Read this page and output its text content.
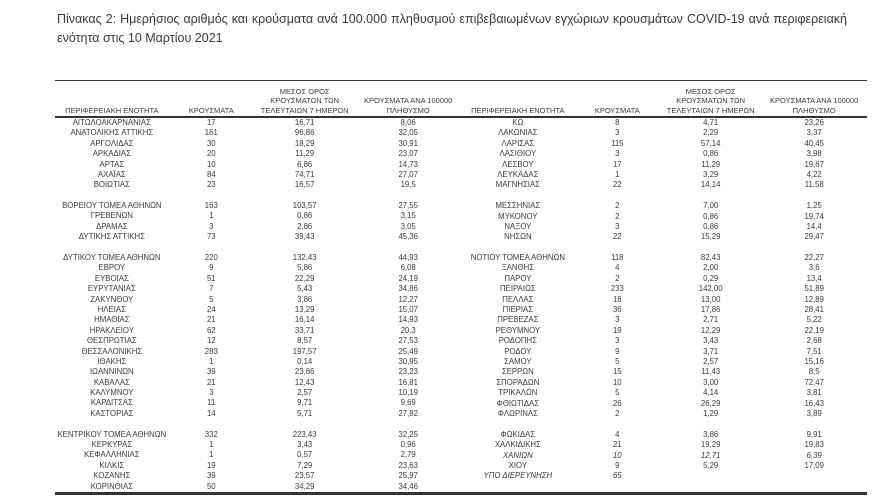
Πίνακας 2: Ημερήσιος αριθμός και κρούσματα ανά 100.000 πληθυσμού επιβεβαιωμένων εγχώριων κρουσμάτων COVID-19 ανά περιφερειακή ενότητα στις 10 Μαρτίου 2021
ΠΕΡΙΦΕΡΕΙΑΚΗ ΕΝΟΤΗΤΑ	ΚΡΟΥΣΜΑΤΑ
ΜΕΣΟΣ ΟΡΟΣ ΚΡΟΥΣΜΑΤΩΝ ΤΩΝ ΤΕΛΕΥΤΑΙΩΝ 7 ΗΜΕΡΩΝ
ΚΡΟΥΣΜΑΤΑ ΑΝΑ 100000 ΠΛΗΘΥΣΜΟ
ΑΙΤΩΛΟΑΚΑΡΝΑΝΙΑΣ	17	16,71	8,06
ΑΝΑΤΟΛΙΚΗΣ ΑΤΤΙΚΗΣ	161	96,86	32,05
ΑΡΓΟΛΙΔΑΣ	30	18,29	30,91
ΑΡΚΑΔΙΑΣ	20	11,29	23,07
ΑΡΤΑΣ	10	6,86	14,73
ΑΧΑΪΑΣ	84	74,71	27,07
ΒΟΙΩΤΙΑΣ	23	16,57	19,5
ΒΟΡΕΙΟΥ ΤΟΜΕΑ ΑΘΗΝΩΝ	163	103,57	27,55
ΓΡΕΒΕΝΩΝ	1	0,86	3,15
ΔΡΑΜΑΣ	3	2,86	3,05
ΔΥΤΙΚΗΣ ΑΤΤΙΚΗΣ	73	39,43	45,36
ΔΥΤΙΚΟΥ ΤΟΜΕΑ ΑΘΗΝΩΝ	220	132,43	44,93
ΕΒΡΟΥ	9	5,86	6,08
ΕΥΒΟΙΑΣ	51	22,29	24,19
ΕΥΡΥΤΑΝΙΑΣ	7	5,43	34,86
ΖΑΚΥΝΘΟΥ	5	3,86	12,27
ΗΛΕΙΑΣ	24	13,29	15,07
ΗΜΑΘΙΑΣ	21	16,14	14,93
ΗΡΑΚΛΕΙΟΥ	62	33,71	20,3
ΘΕΣΠΡΩΤΙΑΣ	12	8,57	27,53
ΘΕΣΣΑΛΟΝΙΚΗΣ	283	197,57	25,49
ΙΘΑΚΗΣ	1	0,14	30,95
ΙΩΑΝΝΙΝΩΝ	39	23,86	23,23
ΚΑΒΑΛΑΣ	21	12,43	16,81
ΚΑΛΥΜΝΟΥ	3	2,57	10,19
ΚΑΡΔΙΤΣΑΣ	11	9,71	9,69
ΚΑΣΤΟΡΙΑΣ	14	5,71	27,82
ΚΕΝΤΡΙΚΟΥ ΤΟΜΕΑ ΑΘΗΝΩΝ	332	223,43	32,25
ΚΕΡΚΥΡΑΣ	1	3,43	0,96
ΚΕΦΑΛΛΗΝΙΑΣ	1	0,57	2,79
ΚΙΛΚΙΣ	19	7,29	23,63
ΚΟΖΑΝΗΣ	39	23,57	25,97
ΚΟΡΙΝΘΙΑΣ	50	34,29	34,46
ΠΕΡΙΦΕΡΕΙΑΚΗ ΕΝΟΤΗΤΑ	ΚΡΟΥΣΜΑΤΑ
ΜΕΣΟΣ ΟΡΟΣ ΚΡΟΥΣΜΑΤΩΝ ΤΩΝ ΤΕΛΕΥΤΑΙΩΝ 7 ΗΜΕΡΩΝ
ΚΡΟΥΣΜΑΤΑ ΑΝΑ 100000 ΠΛΗΘΥΣΜΟ
ΚΩ	8	4,71	23,26
ΛΑΚΩΝΙΑΣ	3	2,29	3,37
ΛΑΡΙΣΑΣ	115	57,14	40,45
ΛΑΣΙΘΙΟΥ	3	0,86	3,98
ΛΕΣΒΟΥ	17	11,29	19,67
ΛΕΥΚΑΔΑΣ	1	3,29	4,22
ΜΑΓΝΗΣΙΑΣ	22	14,14	11,58
ΜΕΣΣΗΝΙΑΣ	2	7,00	1,25
ΜΥΚΟΝΟΥ	2	0,86	19,74
ΝΑΞΟΥ	3	0,86	14,4
ΝΗΣΩΝ	22	15,29	29,47
ΝΟΤΙΟΥ ΤΟΜΕΑ ΑΘΗΝΩΝ	118	82,43	22,27
ΞΑΝΘΗΣ	4	2,00	3,6
ΠΑΡΟΥ	2	0,29	13,4
ΠΕΙΡΑΙΩΣ	233	142,00	51,89
ΠΕΛΛΑΣ	18	13,00	12,89
ΠΙΕΡΙΑΣ	36	17,86	28,41
ΠΡΕΒΕΖΑΣ	3	2,71	5,22
ΡΕΘΥΜΝΟΥ	19	12,29	22,19
ΡΟΔΟΠΗΣ	3	3,43	2,68
ΡΟΔΟΥ	9	3,71	7,51
ΣΑΜΟΥ	5	2,57	15,16
ΣΕΡΡΩΝ	15	11,43	8,5
ΣΠΟΡΑΔΩΝ	10	3,00	72,47
ΤΡΙΚΑΛΩΝ	5	4,14	3,81
ΦΘΙΩΤΙΔΑΣ	26	26,29	16,43
ΦΛΩΡΙΝΑΣ	2	1,29	3,89
ΦΩΚΙΔΑΣ	4	3,86	9,91
ΧΑΛΚΙΔΙΚΗΣ	21	19,29	19,83
ΧΑΝΙΩΝ	10	12,71	6,39
ΧΙΟΥ	9	5,29	17,09
ΥΠΟ ΔΙΕΡΕΥΝΗΣΗ	65
